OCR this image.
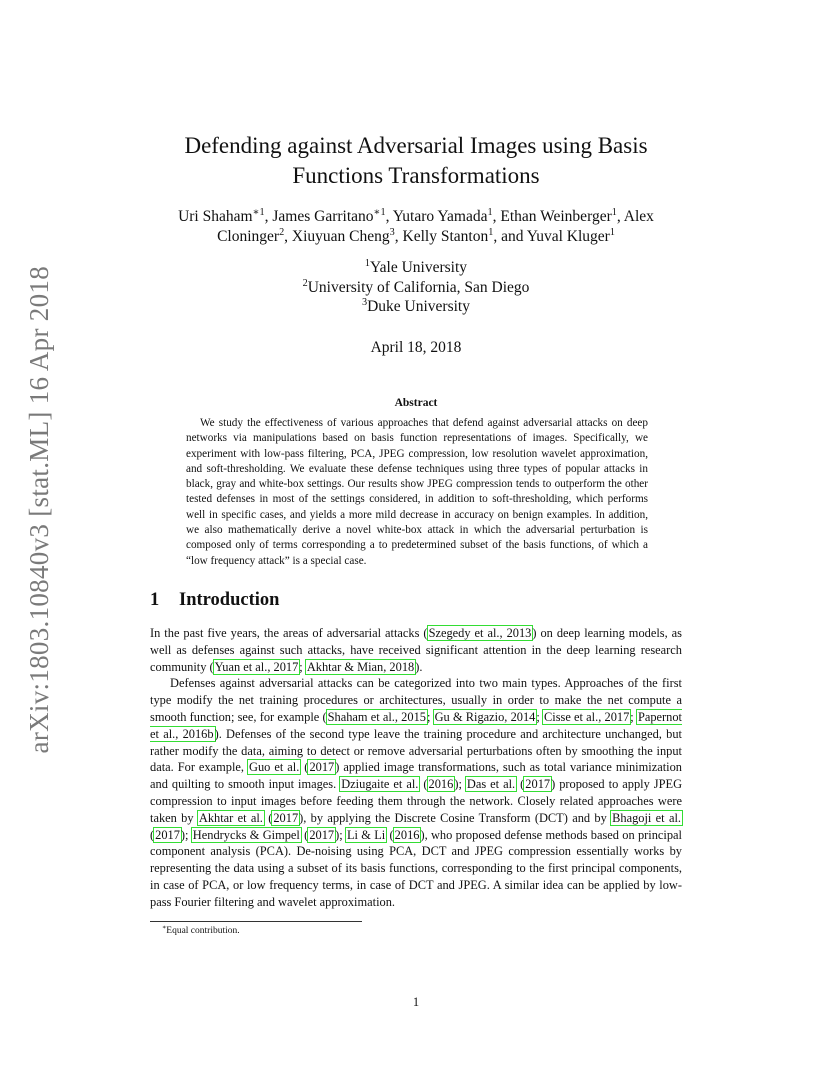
arXiv:1803.10840v3 [stat.ML] 16 Apr 2018
Defending against Adversarial Images using Basis Functions Transformations
Uri Shaham$^{∗1}$, James Garritano$^{∗1}$, Yutaro Yamada$^1$, Ethan Weinberger$^1$, Alex Cloninger$^2$, Xiuyuan Cheng$^3$, Kelly Stanton$^1$, and Yuval Kluger$^1$
$^1$Yale University
$^2$University of California, San Diego
$^3$Duke University
April 18, 2018
Abstract

We study the effectiveness of various approaches that defend against adversarial attacks on deep networks via manipulations based on basis function representations of images. Specifically, we experiment with low-pass filtering, PCA, JPEG compression, low resolution wavelet approximation, and soft-thresholding. We evaluate these defense techniques using three types of popular attacks in black, gray and white-box settings. Our results show JPEG compression tends to outperform the other tested defenses in most of the settings considered, in addition to soft-thresholding, which performs well in specific cases, and yields a more mild decrease in accuracy on benign examples. In addition, we also mathematically derive a novel white-box attack in which the adversarial perturbation is composed only of terms corresponding a to predetermined subset of the basis functions, of which a “low frequency attack” is a special case.

1 Introduction

In the past five years, the areas of adversarial attacks (Szegedy et al., 2013) on deep learning models, as well as defenses against such attacks, have received significant attention in the deep learning research community (Yuan et al., 2017; Akhtar & Mian, 2018).

Defenses against adversarial attacks can be categorized into two main types. Approaches of the first type modify the net training procedures or architectures, usually in order to make the net compute a smooth function; see, for example (Shaham et al., 2015; Gu & Rigazio, 2014; Cisse et al., 2017; Papernot et al., 2016b). Defenses of the second type leave the training procedure and architecture unchanged, but rather modify the data, aiming to detect or remove adversarial perturbations often by smoothing the input data. For example, Guo et al. (2017) applied image transformations, such as total variance minimization and quilting to smooth input images. Dziugaite et al. (2016); Das et al. (2017) proposed to apply JPEG compression to input images before feeding them through the network. Closely related approaches were taken by Akhtar et al. (2017), by applying the Discrete Cosine Transform (DCT) and by Bhagoji et al. (2017); Hendrycks & Gimpel (2017); Li & Li (2016), who proposed defense methods based on principal component analysis (PCA). De-noising using PCA, DCT and JPEG compression essentially works by representing the data using a subset of its basis functions, corresponding to the first principal components, in case of PCA, or low frequency terms, in case of DCT and JPEG. A similar idea can be applied by low-pass Fourier filtering and wavelet approximation.

∗Equal contribution.
1
